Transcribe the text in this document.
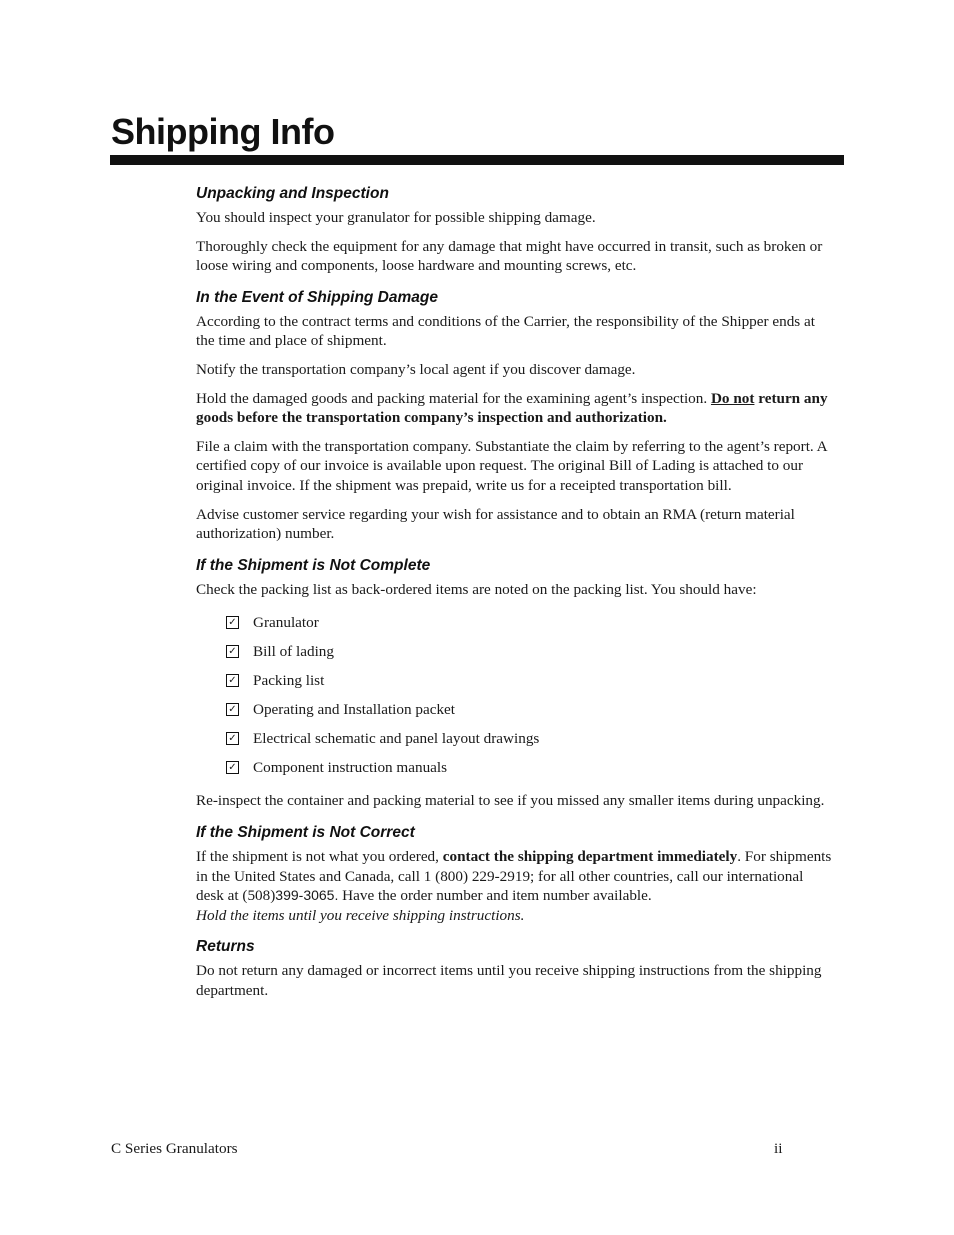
Shipping Info
Unpacking and Inspection

You should inspect your granulator for possible shipping damage.

Thoroughly check the equipment for any damage that might have occurred in transit, such as broken or loose wiring and components, loose hardware and mounting screws, etc.

In the Event of Shipping Damage

According to the contract terms and conditions of the Carrier, the responsibility of the Shipper ends at the time and place of shipment.

Notify the transportation company’s local agent if you discover damage.

Hold the damaged goods and packing material for the examining agent’s inspection. Do not return any goods before the transportation company’s inspection and authorization.

File a claim with the transportation company. Substantiate the claim by referring to the agent’s report. A certified copy of our invoice is available upon request. The original Bill of Lading is attached to our original invoice. If the shipment was prepaid, write us for a receipted transportation bill.

Advise customer service regarding your wish for assistance and to obtain an RMA (return material authorization) number.

If the Shipment is Not Complete

Check the packing list as back-ordered items are noted on the packing list. You should have:

✓ Granulator
✓ Bill of lading
✓ Packing list
✓ Operating and Installation packet
✓ Electrical schematic and panel layout drawings
✓ Component instruction manuals

Re-inspect the container and packing material to see if you missed any smaller items during unpacking.

If the Shipment is Not Correct

If the shipment is not what you ordered, contact the shipping department immediately. For shipments in the United States and Canada, call 1 (800) 229-2919; for all other countries, call our international desk at (508)399-3065. Have the order number and item number available.
Hold the items until you receive shipping instructions.

Returns

Do not return any damaged or incorrect items until you receive shipping instructions from the shipping department.

C Series Granulators	ii
